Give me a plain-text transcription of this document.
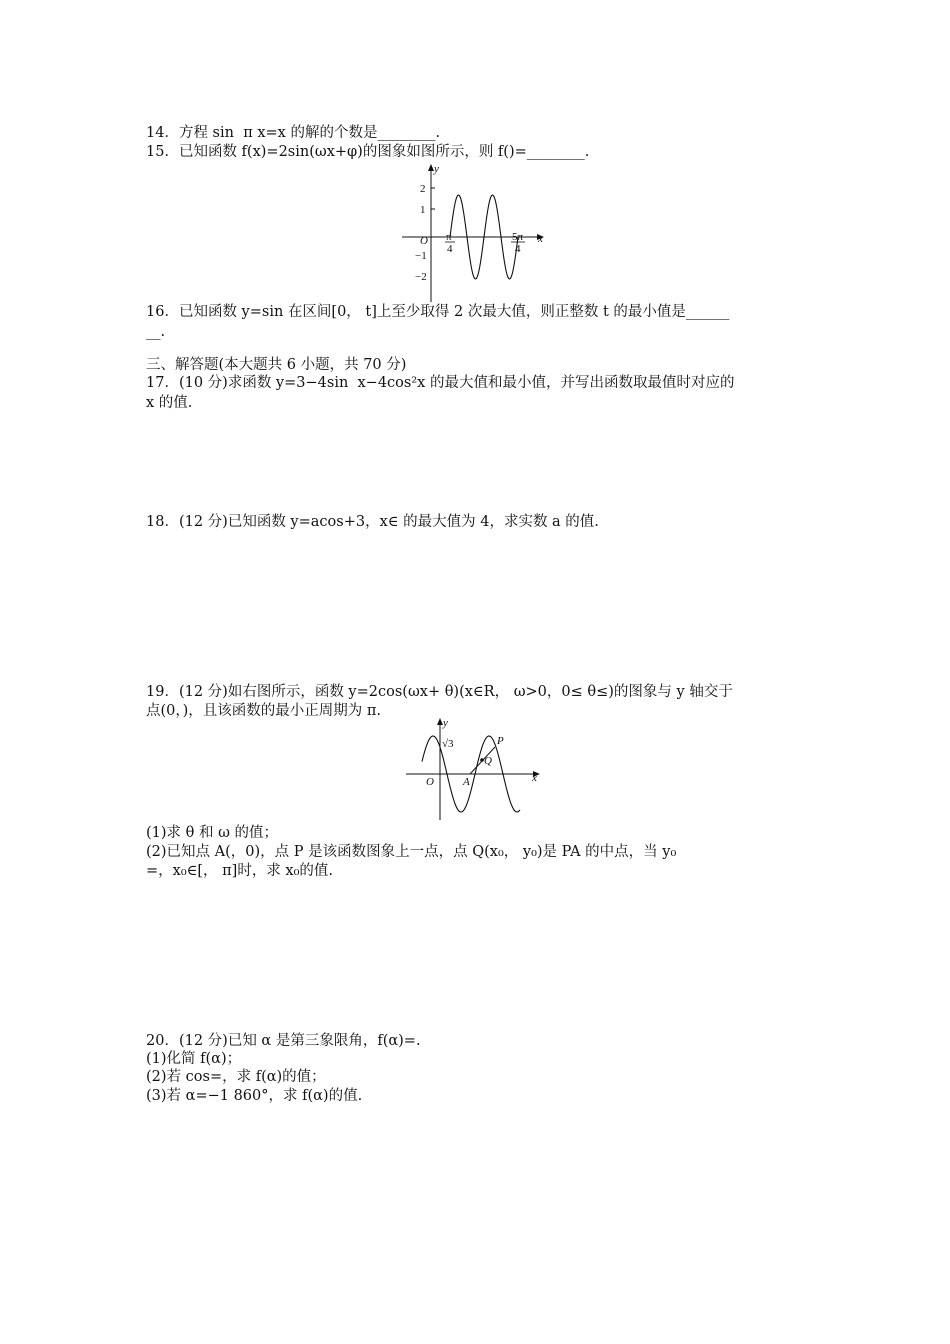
14．方程 sin  π x=x 的解的个数是________.
15．已知函数 f(x)=2sin(ωx+φ)的图象如图所示，则 f()=________.
y
x
O
2
1
−1
−2
π
4
5π
4
16．已知函数 y=sin 在区间[0， t]上至少取得 2 次最大值，则正整数 t 的最小值是______
__.
三、解答题(本大题共 6 小题，共 70 分)
17．(10 分)求函数 y=3−4sin  x−4cos²x 的最大值和最小值，并写出函数取最值时对应的
x 的值.
18．(12 分)已知函数 y=acos+3，x∈ 的最大值为 4，求实数 a 的值.
19．(12 分)如右图所示，函数 y=2cos(ωx+ θ)(x∈R， ω>0，0≤ θ≤)的图象与 y 轴交于
点(0，)，且该函数的最小正周期为 π.
y
x
O	A
P
Q
√3
(1)求 θ 和 ω 的值；
(2)已知点 A(，0)，点 P 是该函数图象上一点，点 Q(x₀， y₀)是 PA 的中点，当 y₀
=，x₀∈[， π]时，求 x₀的值.
20．(12 分)已知 α 是第三象限角，f(α)=.
(1)化简 f(α)；
(2)若 cos=，求 f(α)的值；
(3)若 α=−1 860°，求 f(α)的值.
